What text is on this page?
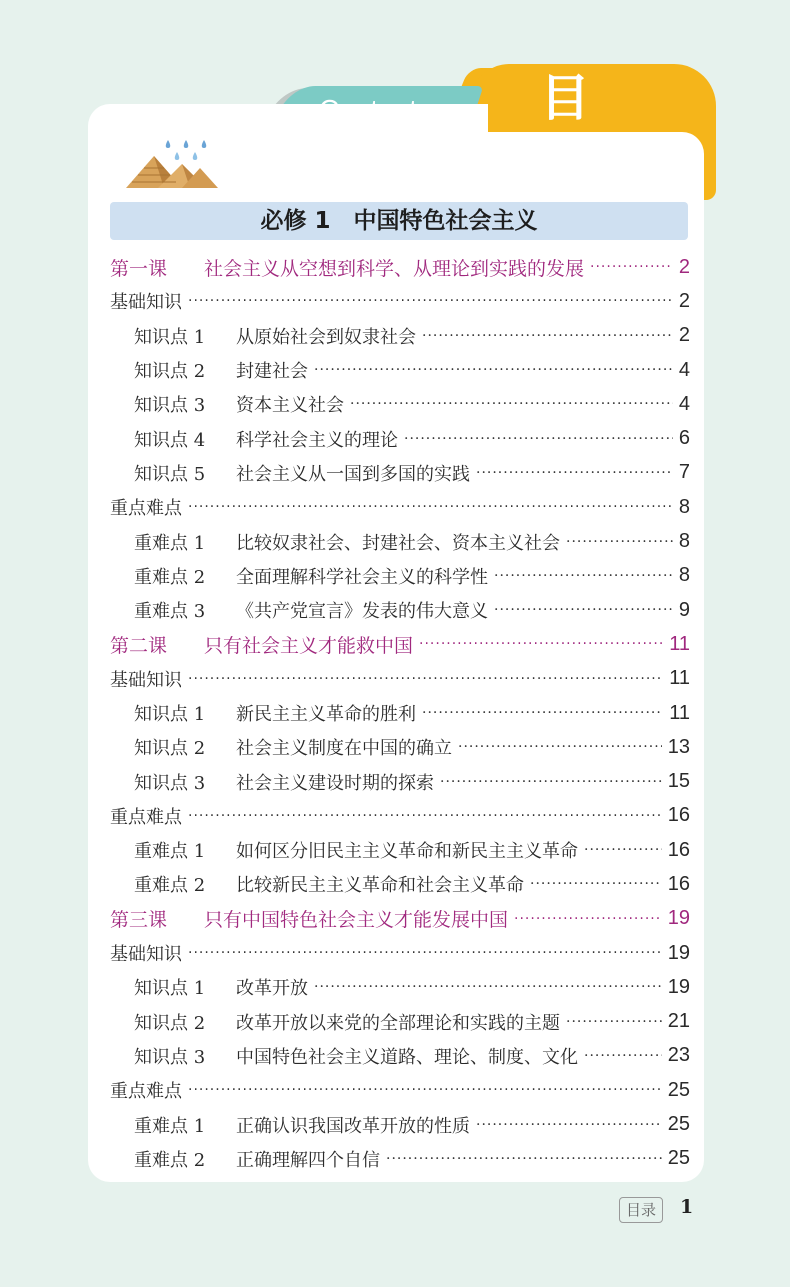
目
必修 1　中国特色社会主义
第一课 社会主义从空想到科学、从理论到实践的发展 ·····	2
基础知识 ·····	2
知识点 1 从原始社会到奴隶社会 ·····	2
知识点 2 封建社会 ·····	4
知识点 3 资本主义社会 ·····	4
知识点 4 科学社会主义的理论 ·····	6
知识点 5 社会主义从一国到多国的实践 ·····	7
重点难点 ·····	8
重难点 1 比较奴隶社会、封建社会、资本主义社会 ·····	8
重难点 2 全面理解科学社会主义的科学性 ·····	8
重难点 3 《共产党宣言》发表的伟大意义 ·····	9
第二课 只有社会主义才能救中国 ·····	11
基础知识 ·····	11
知识点 1 新民主主义革命的胜利 ·····	11
知识点 2 社会主义制度在中国的确立 ·····	13
知识点 3 社会主义建设时期的探索 ·····	15
重点难点 ·····	16
重难点 1 如何区分旧民主主义革命和新民主主义革命 ·····	16
重难点 2 比较新民主主义革命和社会主义革命 ·····	16
第三课 只有中国特色社会主义才能发展中国 ·····	19
基础知识 ·····	19
知识点 1 改革开放 ·····	19
知识点 2 改革开放以来党的全部理论和实践的主题 ·····	21
知识点 3 中国特色社会主义道路、理论、制度、文化 ·····	23
重点难点 ·····	25
重难点 1 正确认识我国改革开放的性质 ·····	25
重难点 2 正确理解四个自信 ·····	25
目录	1
